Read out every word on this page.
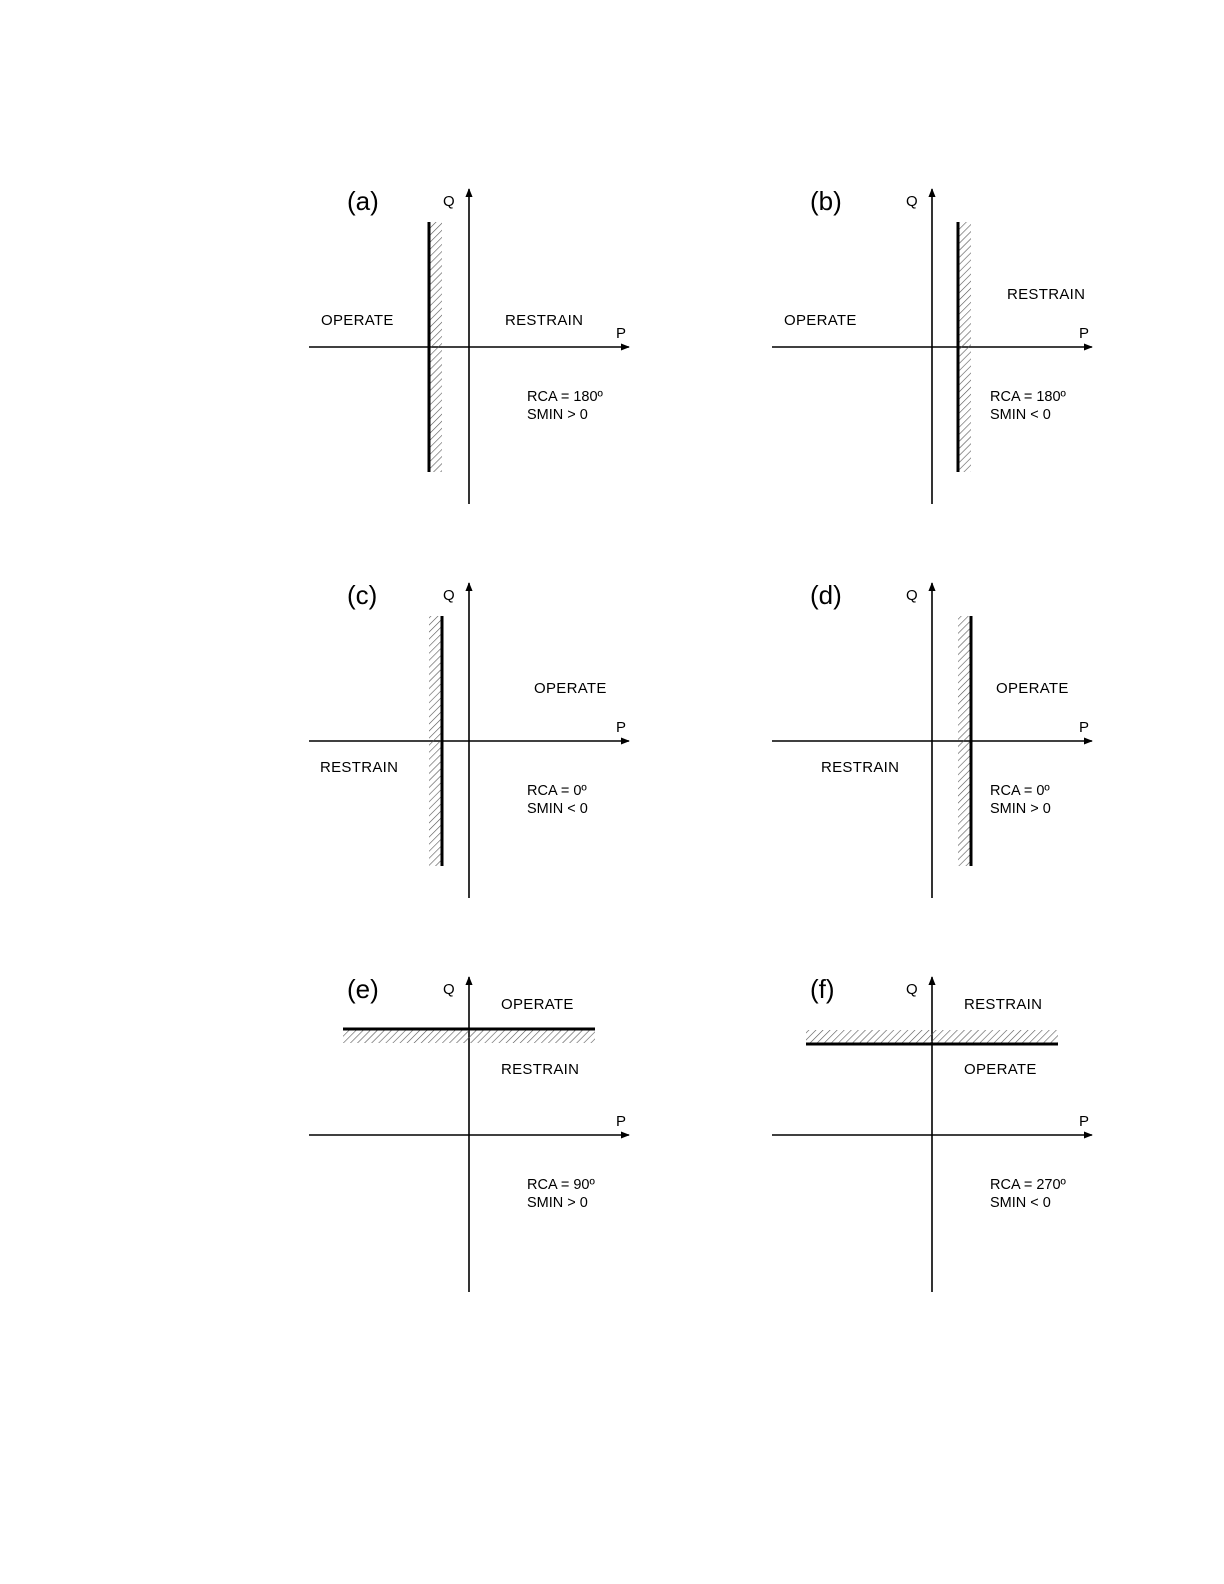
P
Q
(a)
OPERATE	RESTRAIN
RCA = 180º
SMIN > 0
P
Q
(b)
OPERATE
RESTRAIN
RCA = 180º
SMIN < 0
P
Q
(c)
RESTRAIN
OPERATE
RCA = 0º
SMIN < 0
P
Q
(d)
RESTRAIN
OPERATE
RCA = 0º
SMIN > 0
P
Q
(e)
OPERATE
RESTRAIN
RCA = 90º
SMIN > 0
P
Q
(f)
RESTRAIN
OPERATE
RCA = 270º
SMIN < 0
